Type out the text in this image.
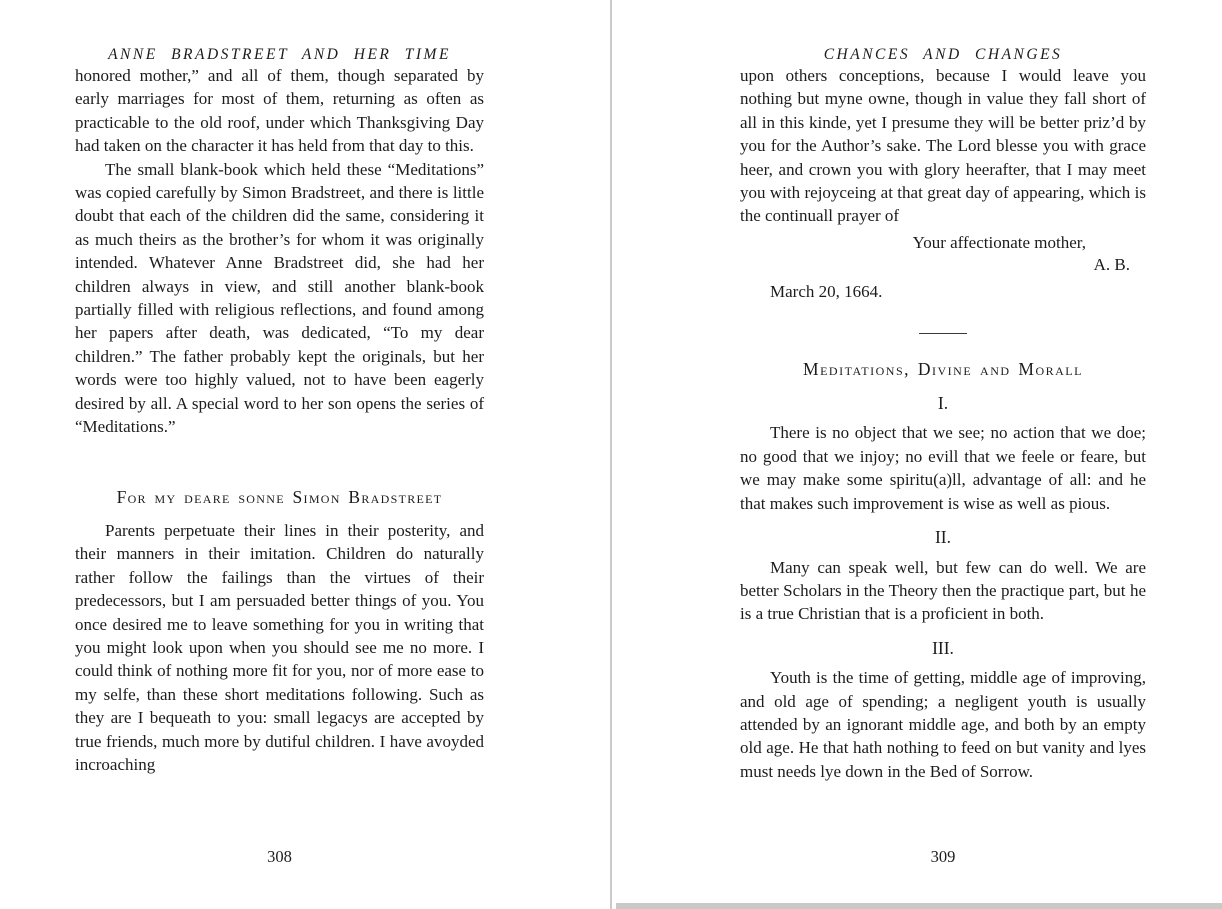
ANNE BRADSTREET AND HER TIME

honored mother,” and all of them, though separated by early marriages for most of them, returning as often as practicable to the old roof, under which Thanksgiving Day had taken on the character it has held from that day to this.

The small blank-book which held these “Meditations” was copied carefully by Simon Bradstreet, and there is little doubt that each of the children did the same, considering it as much theirs as the brother’s for whom it was originally intended. Whatever Anne Bradstreet did, she had her children always in view, and still another blank-book partially filled with religious reflections, and found among her papers after death, was dedicated, “To my dear children.” The father probably kept the originals, but her words were too highly valued, not to have been eagerly desired by all. A special word to her son opens the series of “Meditations.”

For my deare sonne Simon Bradstreet

Parents perpetuate their lines in their posterity, and their manners in their imitation. Children do naturally rather follow the failings than the virtues of their predecessors, but I am persuaded better things of you. You once desired me to leave something for you in writing that you might look upon when you should see me no more. I could think of nothing more fit for you, nor of more ease to my selfe, than these short meditations following. Such as they are I bequeath to you: small legacys are accepted by true friends, much more by dutiful children. I have avoyded incroaching

308
CHANCES AND CHANGES

upon others conceptions, because I would leave you nothing but myne owne, though in value they fall short of all in this kinde, yet I presume they will be better priz’d by you for the Author’s sake. The Lord blesse you with grace heer, and crown you with glory heerafter, that I may meet you with rejoyceing at that great day of appearing, which is the continuall prayer of

Your affectionate mother,
A. B.
March 20, 1664.
Meditations, Divine and Morall
I.

There is no object that we see; no action that we doe; no good that we injoy; no evill that we feele or feare, but we may make some spiritu(a)ll, advantage of all: and he that makes such improvement is wise as well as pious.

II.

Many can speak well, but few can do well. We are better Scholars in the Theory then the practique part, but he is a true Christian that is a proficient in both.

III.

Youth is the time of getting, middle age of improving, and old age of spending; a negligent youth is usually attended by an ignorant middle age, and both by an empty old age. He that hath nothing to feed on but vanity and lyes must needs lye down in the Bed of Sorrow.

309
